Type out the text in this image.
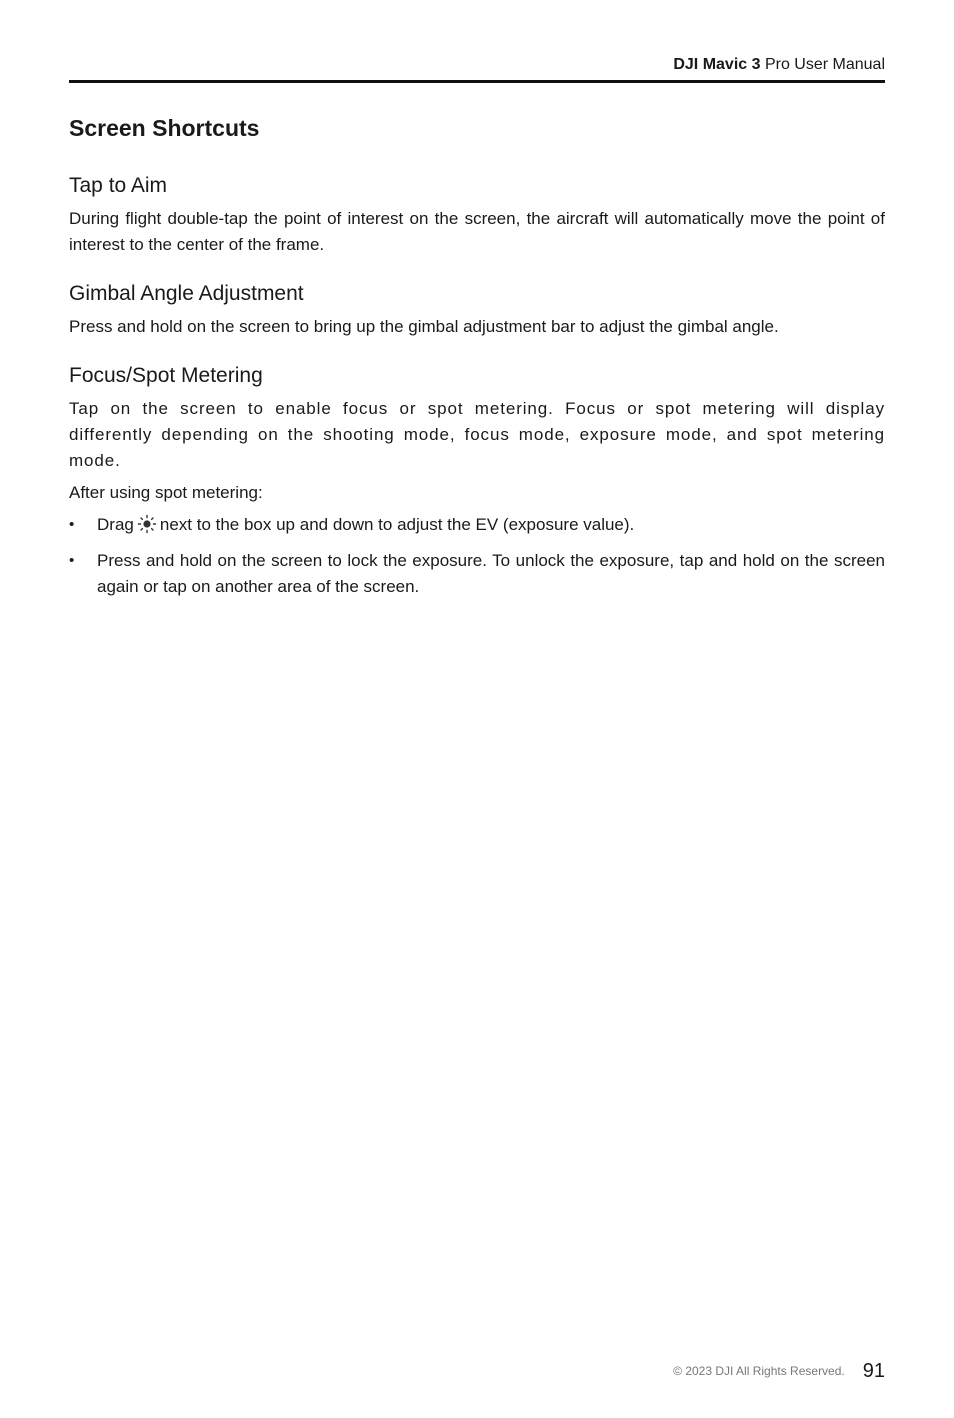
DJI Mavic 3 Pro User Manual
Screen Shortcuts
Tap to Aim

During flight double-tap the point of interest on the screen, the aircraft will automatically move the point of interest to the center of the frame.

Gimbal Angle Adjustment

Press and hold on the screen to bring up the gimbal adjustment bar to adjust the gimbal angle.

Focus/Spot Metering

Tap on the screen to enable focus or spot metering. Focus or spot metering will display differently depending on the shooting mode, focus mode, exposure mode, and spot metering mode.

After using spot metering:

• Drag next to the box up and down to adjust the EV (exposure value).
• Press and hold on the screen to lock the exposure. To unlock the exposure, tap and hold on the screen again or tap on another area of the screen.
© 2023 DJI All Rights Reserved. 91
